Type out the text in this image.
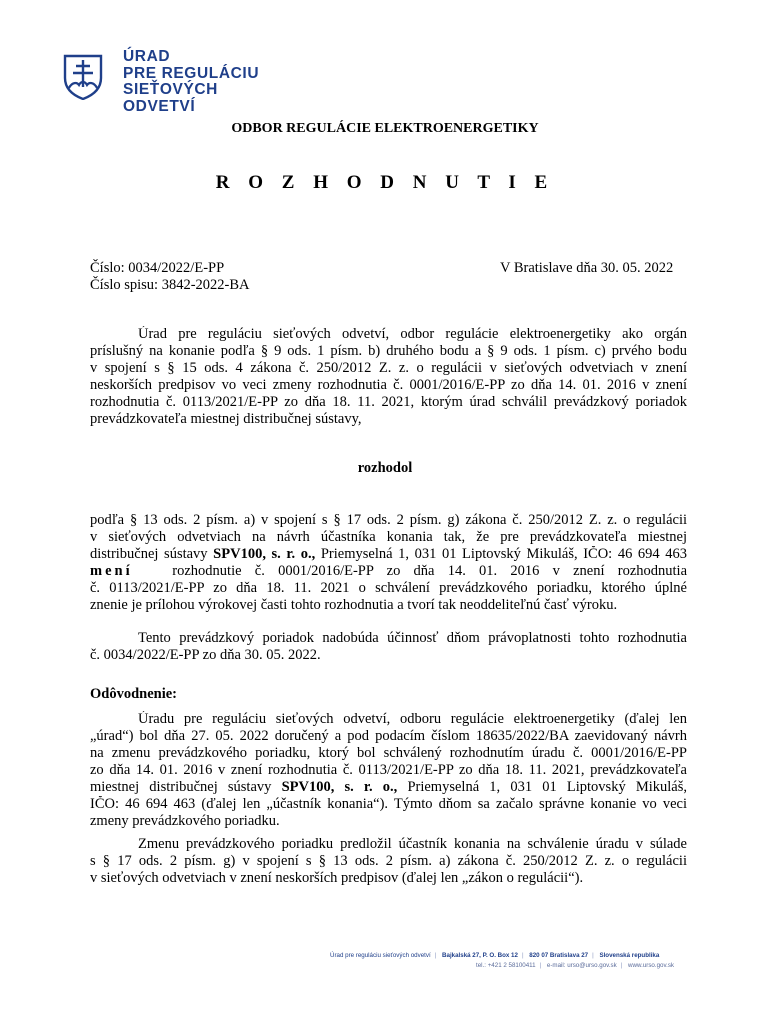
ÚRAD
PRE REGULÁCIU
SIEŤOVÝCH
ODVETVÍ
ODBOR REGULÁCIE ELEKTROENERGETIKY
R O Z H O D N U T I E
Číslo: 0034/2022/E-PP
Číslo spisu: 3842-2022-BA
V Bratislave dňa 30. 05. 2022
Úrad pre reguláciu sieťových odvetví, odbor regulácie elektroenergetiky ako orgán
príslušný na konanie podľa § 9 ods. 1 písm. b) druhého bodu a § 9 ods. 1 písm. c) prvého bodu
v spojení s § 15 ods. 4 zákona č. 250/2012 Z. z. o regulácii v sieťových odvetviach v znení
neskorších predpisov vo veci zmeny rozhodnutia č. 0001/2016/E-PP zo dňa 14. 01. 2016 v znení
rozhodnutia č. 0113/2021/E-PP zo dňa 18. 11. 2021, ktorým úrad schválil prevádzkový poriadok
prevádzkovateľa miestnej distribučnej sústavy,
rozhodol
podľa § 13 ods. 2 písm. a) v spojení s § 17 ods. 2 písm. g) zákona č. 250/2012 Z. z. o regulácii
v sieťových odvetviach na návrh účastníka konania tak, že pre prevádzkovateľa miestnej
distribučnej sústavy SPV100, s. r. o., Priemyselná 1, 031 01 Liptovský Mikuláš, IČO: 46 694 463
mení	rozhodnutie č. 0001/2016/E-PP zo dňa 14. 01. 2016 v znení rozhodnutia
č. 0113/2021/E-PP zo dňa 18. 11. 2021 o schválení prevádzkového poriadku, ktorého úplné
znenie je prílohou výrokovej časti tohto rozhodnutia a tvorí tak neoddeliteľnú časť výroku.
Tento prevádzkový poriadok nadobúda účinnosť dňom právoplatnosti tohto rozhodnutia
č. 0034/2022/E-PP zo dňa 30. 05. 2022.
Odôvodnenie:
Úradu pre reguláciu sieťových odvetví, odboru regulácie elektroenergetiky (ďalej len
„úrad“) bol dňa 27. 05. 2022 doručený a pod podacím číslom 18635/2022/BA zaevidovaný návrh
na zmenu prevádzkového poriadku, ktorý bol schválený rozhodnutím úradu č. 0001/2016/E-PP
zo dňa 14. 01. 2016 v znení rozhodnutia č. 0113/2021/E-PP zo dňa 18. 11. 2021, prevádzkovateľa
miestnej distribučnej sústavy SPV100, s. r. o., Priemyselná 1, 031 01 Liptovský Mikuláš,
IČO: 46 694 463 (ďalej len „účastník konania“). Týmto dňom sa začalo správne konanie vo veci
zmeny prevádzkového poriadku.
Zmenu prevádzkového poriadku predložil účastník konania na schválenie úradu v súlade
s § 17 ods. 2 písm. g) v spojení s § 13 ods. 2 písm. a) zákona č. 250/2012 Z. z. o regulácii
v sieťových odvetviach v znení neskorších predpisov (ďalej len „zákon o regulácii“).
Úrad pre reguláciu sieťových odvetví | Bajkalská 27, P. O. Box 12 | 820 07 Bratislava 27 | Slovenská republika
tel.: +421 2 58100411 | e-mail: urso@urso.gov.sk | www.urso.gov.sk
